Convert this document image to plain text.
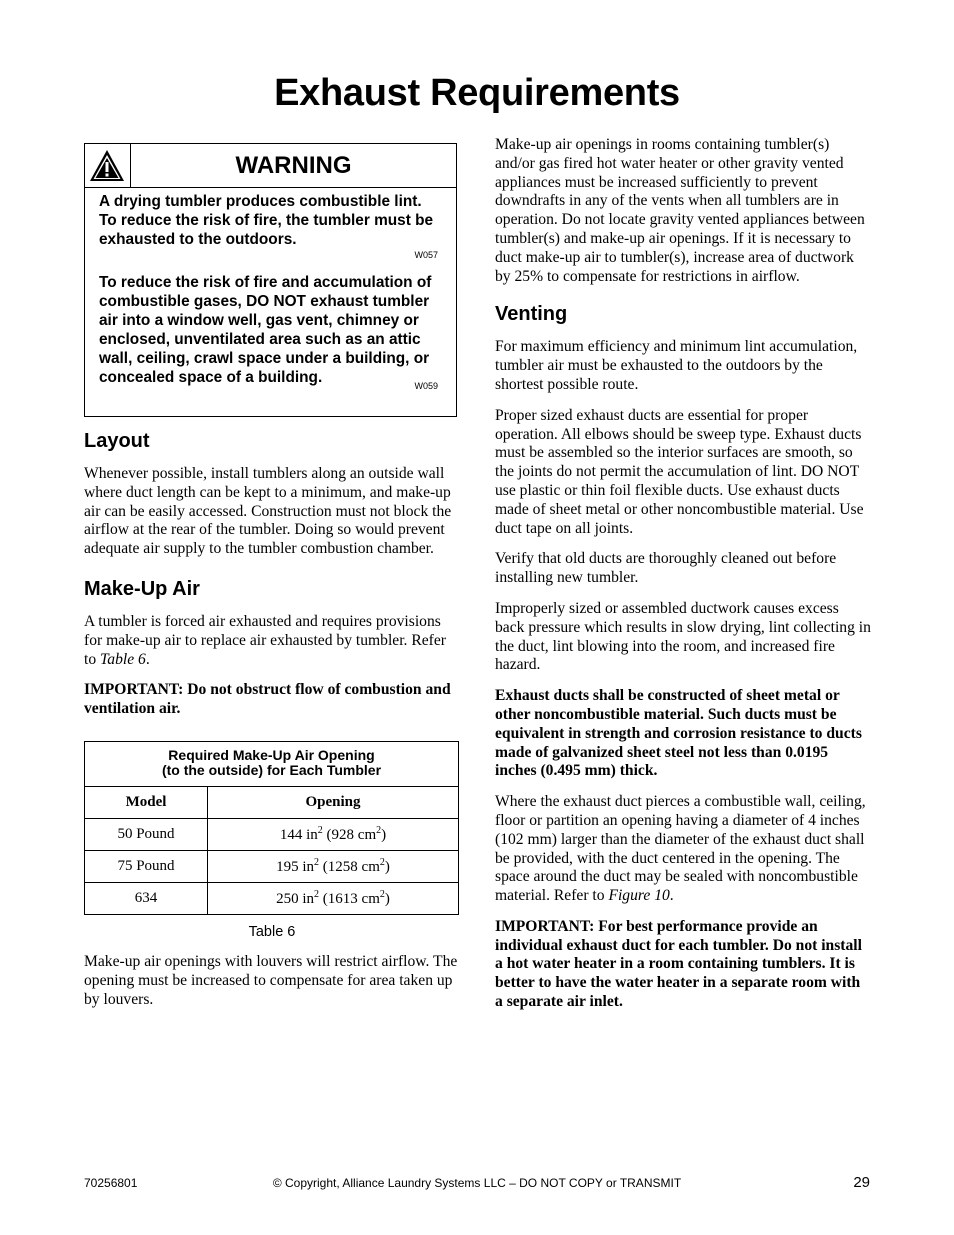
Exhaust Requirements
WARNING

A drying tumbler produces combustible lint. To reduce the risk of fire, the tumbler must be exhausted to the outdoors.

W057

To reduce the risk of fire and accumulation of combustible gases, DO NOT exhaust tumbler air into a window well, gas vent, chimney or enclosed, unventilated area such as an attic wall, ceiling, crawl space under a building, or concealed space of a building.	W059
Layout

Whenever possible, install tumblers along an outside wall where duct length can be kept to a minimum, and make-up air can be easily accessed. Construction must not block the airflow at the rear of the tumbler. Doing so would prevent adequate air supply to the tumbler combustion chamber.

Make-Up Air

A tumbler is forced air exhausted and requires provisions for make-up air to replace air exhausted by tumbler. Refer to Table 6.

IMPORTANT: Do not obstruct flow of combustion and ventilation air.

Required Make-Up Air Opening
(to the outside) for Each Tumbler	
Model	Opening
50 Pound	144 $in^2$ (928 $cm^2$)
75 Pound	195 $in^2$ (1258 $cm^2$)
634	250 $in^2$ (1613 $cm^2$)
Table 6

Make-up air openings with louvers will restrict airflow. The opening must be increased to compensate for area taken up by louvers.

Make-up air openings in rooms containing tumbler(s) and/or gas fired hot water heater or other gravity vented appliances must be increased sufficiently to prevent downdrafts in any of the vents when all tumblers are in operation. Do not locate gravity vented appliances between tumbler(s) and make-up air openings. If it is necessary to duct make-up air to tumbler(s), increase area of ductwork by 25% to compensate for restrictions in airflow.

Venting

For maximum efficiency and minimum lint accumulation, tumbler air must be exhausted to the outdoors by the shortest possible route.

Proper sized exhaust ducts are essential for proper operation. All elbows should be sweep type. Exhaust ducts must be assembled so the interior surfaces are smooth, so the joints do not permit the accumulation of lint. DO NOT use plastic or thin foil flexible ducts. Use exhaust ducts made of sheet metal or other noncombustible material. Use duct tape on all joints.

Verify that old ducts are thoroughly cleaned out before installing new tumbler.

Improperly sized or assembled ductwork causes excess back pressure which results in slow drying, lint collecting in the duct, lint blowing into the room, and increased fire hazard.

Exhaust ducts shall be constructed of sheet metal or other noncombustible material. Such ducts must be equivalent in strength and corrosion resistance to ducts made of galvanized sheet steel not less than 0.0195 inches (0.495 mm) thick.

Where the exhaust duct pierces a combustible wall, ceiling, floor or partition an opening having a diameter of 4 inches (102 mm) larger than the diameter of the exhaust duct shall be provided, with the duct centered in the opening. The space around the duct may be sealed with noncombustible material. Refer to Figure 10.

IMPORTANT: For best performance provide an individual exhaust duct for each tumbler. Do not install a hot water heater in a room containing tumblers. It is better to have the water heater in a separate room with a separate air inlet.

70256801	© Copyright, Alliance Laundry Systems LLC – DO NOT COPY or TRANSMIT	29
